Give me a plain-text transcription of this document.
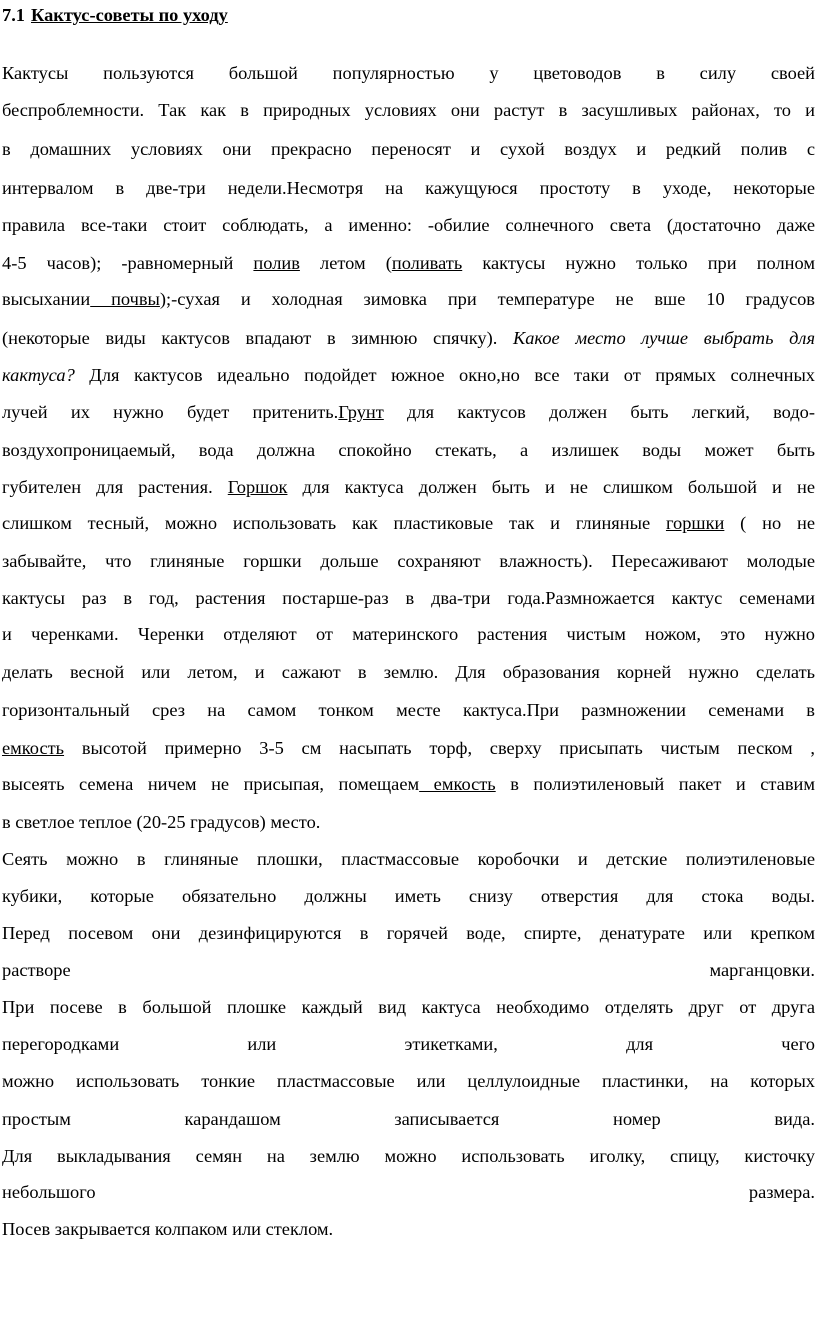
7.1 Кактус-советы по уходу
Кактусы пользуются большой популярностью у цветоводов в силу своей
беспроблемности. Так как в природных условиях они растут в засушливых районах, то и
в домашних условиях они прекрасно переносят и сухой воздух и редкий полив с
интервалом в две-три недели.Несмотря на кажущуюся простоту в уходе, некоторые
правила все-таки стоит соблюдать, а именно: -обилие солнечного света (достаточно даже
4-5 часов); -равномерный полив летом (поливать кактусы нужно только при полном
высыхании почвы);-сухая и холодная зимовка при температуре не вше 10 градусов
(некоторые виды кактусов впадают в зимнюю спячку). Какое место лучше выбрать для
кактуса? Для кактусов идеально подойдет южное окно,но все таки от прямых солнечных
лучей их нужно будет притенить.Грунт для кактусов должен быть легкий, водо-
воздухопроницаемый, вода должна спокойно стекать, а излишек воды может быть
губителен для растения. Горшок для кактуса должен быть и не слишком большой и не
слишком тесный, можно использовать как пластиковые так и глиняные горшки ( но не
забывайте, что глиняные горшки дольше сохраняют влажность). Пересаживают молодые
кактусы раз в год, растения постарше-раз в два-три года.Размножается кактус семенами
и черенками. Черенки отделяют от материнского растения чистым ножом, это нужно
делать весной или летом, и сажают в землю. Для образования корней нужно сделать
горизонтальный срез на самом тонком месте кактуса.При размножении семенами в
емкость высотой примерно 3-5 см насыпать торф, сверху присыпать чистым песком ,
высеять семена ничем не присыпая, помещаем емкость в полиэтиленовый пакет и ставим
в светлое теплое (20-25 градусов) место.
Сеять можно в глиняные плошки, пластмассовые коробочки и детские полиэтиленовые
кубики, которые обязательно должны иметь снизу отверстия для стока воды.
Перед посевом они дезинфицируются в горячей воде, спирте, денатурате или крепком
растворе марганцовки.
При посеве в большой плошке каждый вид кактуса необходимо отделять друг от друга
перегородками или этикетками, для чего
можно использовать тонкие пластмассовые или целлулоидные пластинки, на которых
простым карандашом записывается номер вида.
Для выкладывания семян на землю можно использовать иголку, спицу, кисточку
небольшого размера.
Посев закрывается колпаком или стеклом.
